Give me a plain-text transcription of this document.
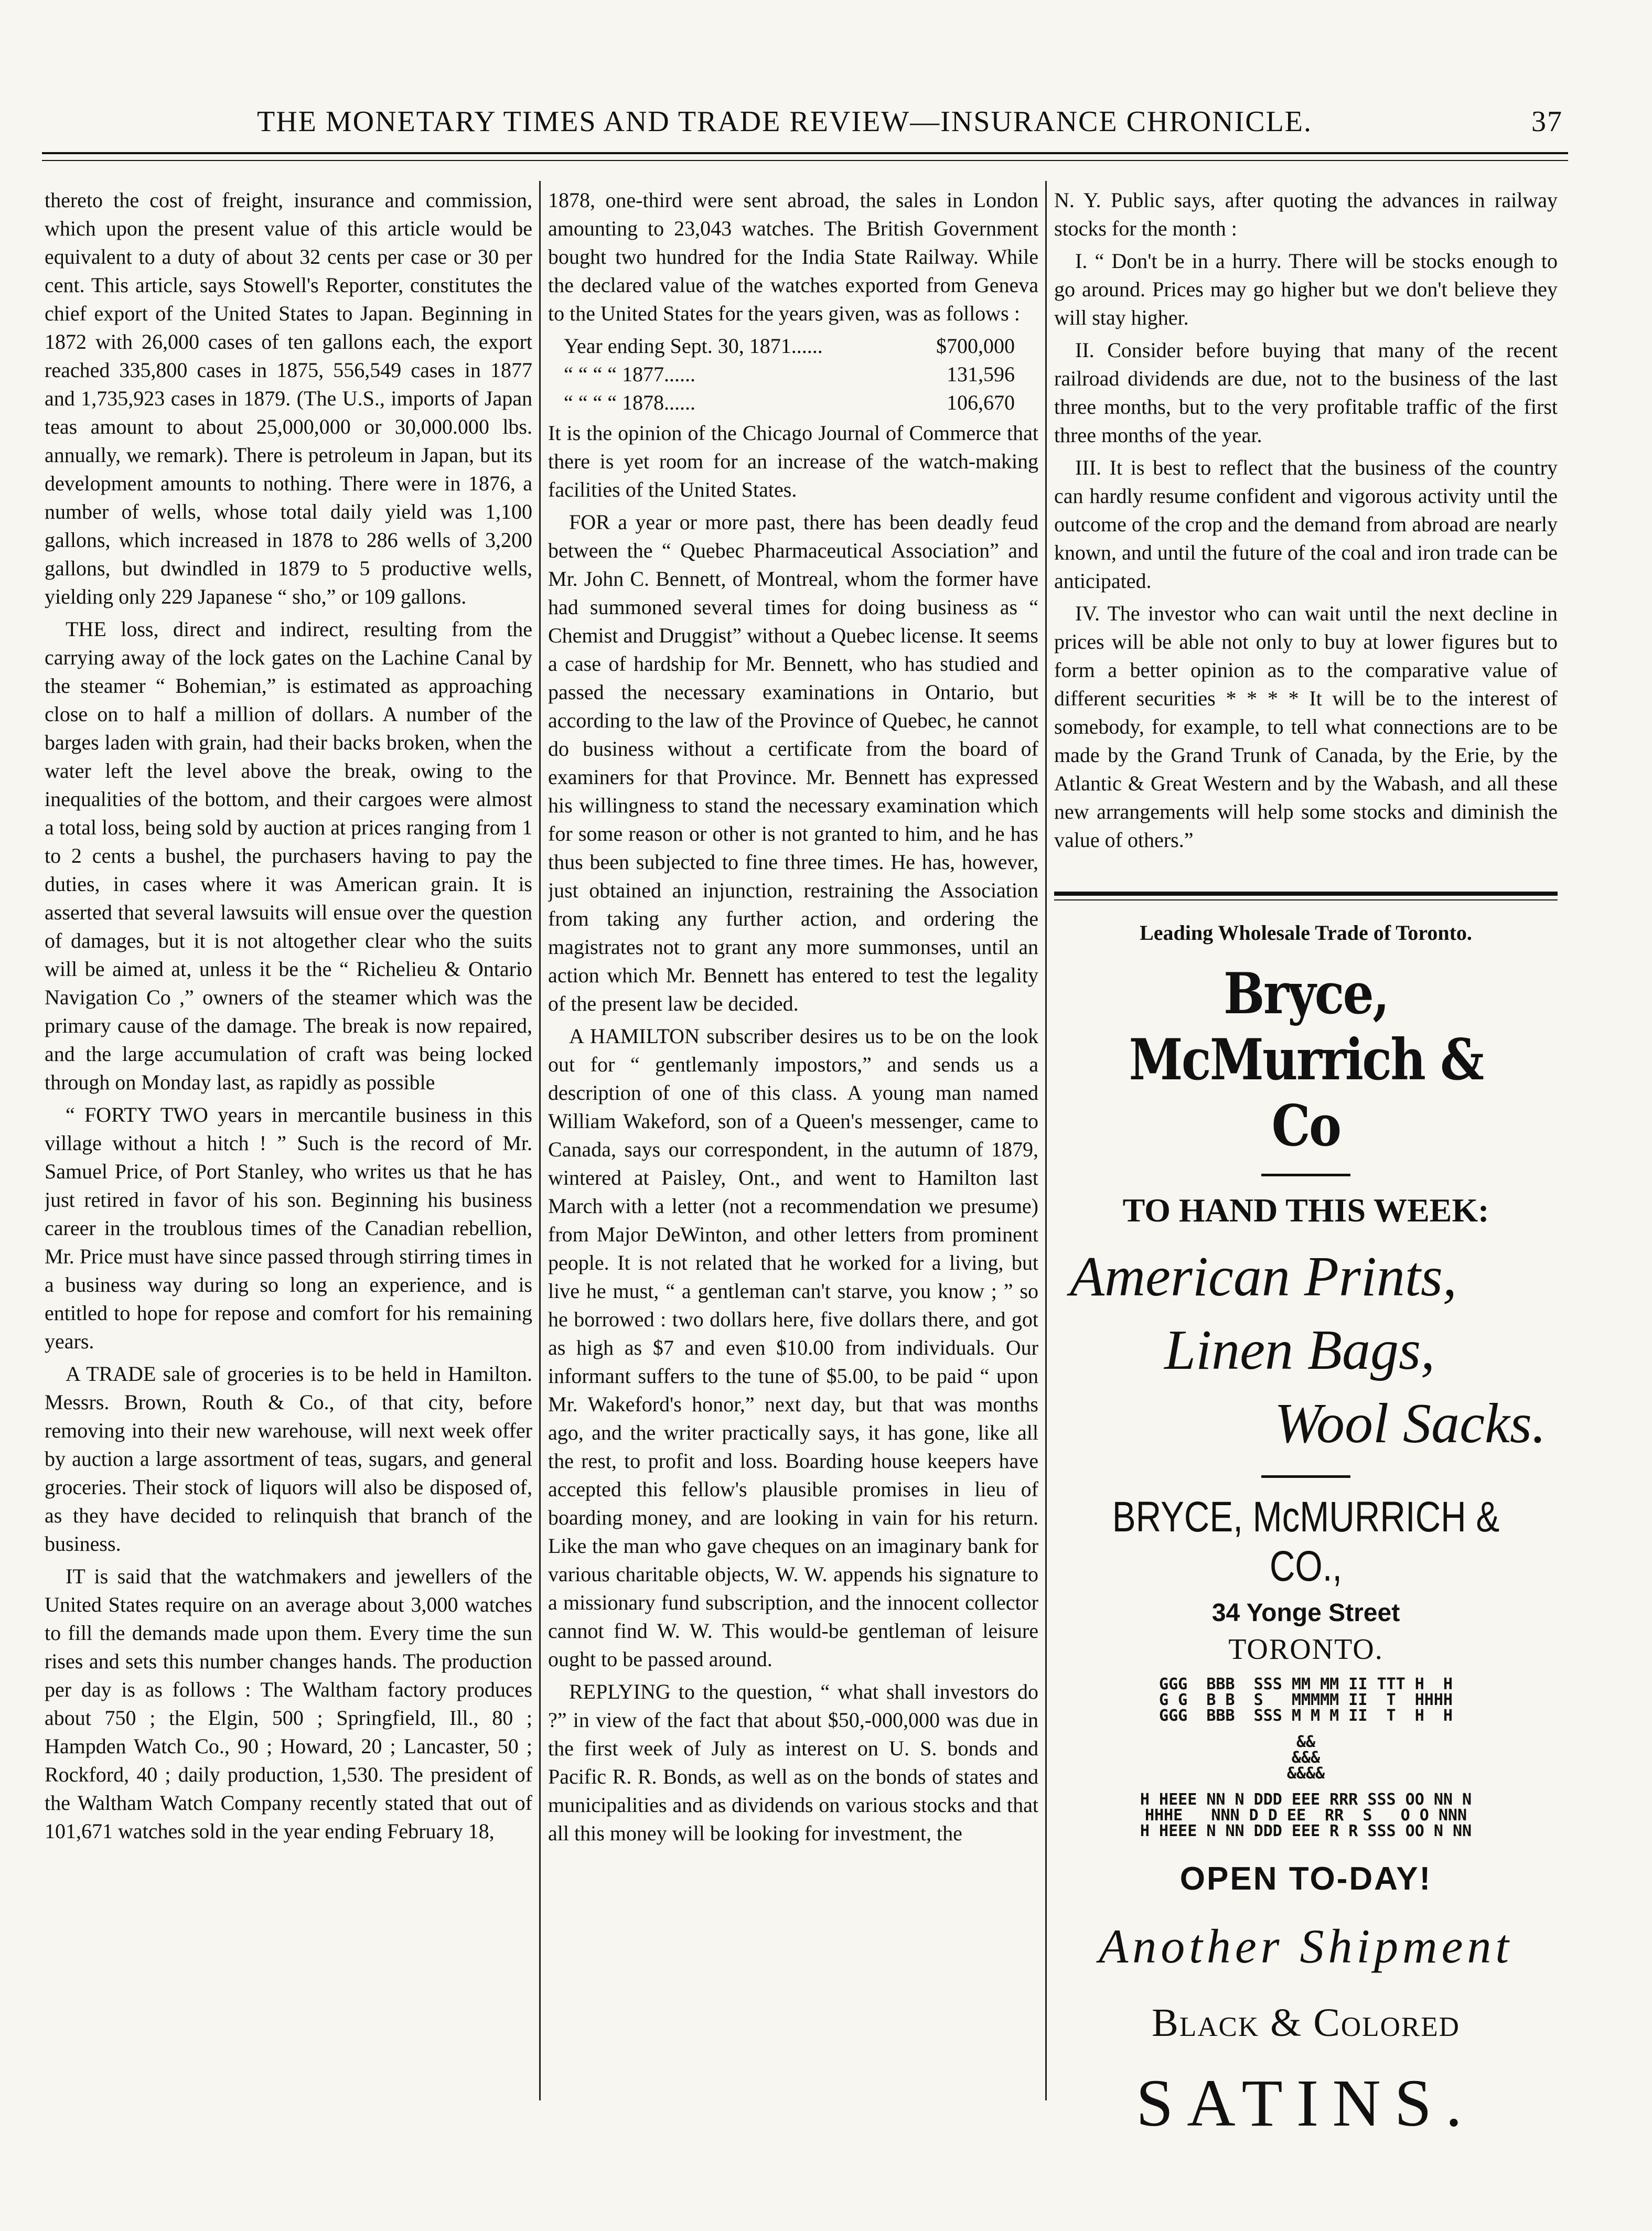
THE MONETARY TIMES AND TRADE REVIEW—INSURANCE CHRONICLE.	37

thereto the cost of freight, insurance and commission, which upon the present value of this article would be equivalent to a duty of about 32 cents per case or 30 per cent. This article, says Stowell's Reporter, constitutes the chief export of the United States to Japan. Beginning in 1872 with 26,000 cases of ten gallons each, the export reached 335,800 cases in 1875, 556,549 cases in 1877 and 1,735,923 cases in 1879. (The U.S., imports of Japan teas amount to about 25,000,000 or 30,000.000 lbs. annually, we remark). There is petroleum in Japan, but its development amounts to nothing. There were in 1876, a number of wells, whose total daily yield was 1,100 gallons, which increased in 1878 to 286 wells of 3,200 gallons, but dwindled in 1879 to 5 productive wells, yielding only 229 Japanese “ sho,” or 109 gallons.

THE loss, direct and indirect, resulting from the carrying away of the lock gates on the Lachine Canal by the steamer “ Bohemian,” is estimated as approaching close on to half a million of dollars. A number of the barges laden with grain, had their backs broken, when the water left the level above the break, owing to the inequalities of the bottom, and their cargoes were almost a total loss, being sold by auction at prices ranging from 1 to 2 cents a bushel, the purchasers having to pay the duties, in cases where it was American grain. It is asserted that several lawsuits will ensue over the question of damages, but it is not altogether clear who the suits will be aimed at, unless it be the “ Richelieu & Ontario Navigation Co ,” owners of the steamer which was the primary cause of the damage. The break is now repaired, and the large accumulation of craft was being locked through on Monday last, as rapidly as possible

“ FORTY TWO years in mercantile business in this village without a hitch ! ” Such is the record of Mr. Samuel Price, of Port Stanley, who writes us that he has just retired in favor of his son. Beginning his business career in the troublous times of the Canadian rebellion, Mr. Price must have since passed through stirring times in a business way during so long an experience, and is entitled to hope for repose and comfort for his remaining years.

A TRADE sale of groceries is to be held in Hamilton. Messrs. Brown, Routh & Co., of that city, before removing into their new warehouse, will next week offer by auction a large assortment of teas, sugars, and general groceries. Their stock of liquors will also be disposed of, as they have decided to relinquish that branch of the business.

IT is said that the watchmakers and jewellers of the United States require on an average about 3,000 watches to fill the demands made upon them. Every time the sun rises and sets this number changes hands. The production per day is as follows : The Waltham factory produces about 750 ; the Elgin, 500 ; Springfield, Ill., 80 ; Hampden Watch Co., 90 ; Howard, 20 ; Lancaster, 50 ; Rockford, 40 ; daily production, 1,530. The president of the Waltham Watch Company recently stated that out of 101,671 watches sold in the year ending February 18,

1878, one-third were sent abroad, the sales in London amounting to 23,043 watches. The British Government bought two hundred for the India State Railway. While the declared value of the watches exported from Geneva to the United States for the years given, was as follows :

Year ending Sept. 30, 1871......	$700,000
“ “ “ “ 1877......	131,596
“ “ “ “ 1878......	106,670

It is the opinion of the Chicago Journal of Commerce that there is yet room for an increase of the watch-making facilities of the United States.

FOR a year or more past, there has been deadly feud between the “ Quebec Pharmaceutical Association” and Mr. John C. Bennett, of Montreal, whom the former have had summoned several times for doing business as “ Chemist and Druggist” without a Quebec license. It seems a case of hardship for Mr. Bennett, who has studied and passed the necessary examinations in Ontario, but according to the law of the Province of Quebec, he cannot do business without a certificate from the board of examiners for that Province. Mr. Bennett has expressed his willingness to stand the necessary examination which for some reason or other is not granted to him, and he has thus been subjected to fine three times. He has, however, just obtained an injunction, restraining the Association from taking any further action, and ordering the magistrates not to grant any more summonses, until an action which Mr. Bennett has entered to test the legality of the present law be decided.

A HAMILTON subscriber desires us to be on the look out for “ gentlemanly impostors,” and sends us a description of one of this class. A young man named William Wakeford, son of a Queen's messenger, came to Canada, says our correspondent, in the autumn of 1879, wintered at Paisley, Ont., and went to Hamilton last March with a letter (not a recommendation we presume) from Major DeWinton, and other letters from prominent people. It is not related that he worked for a living, but live he must, “ a gentleman can't starve, you know ; ” so he borrowed : two dollars here, five dollars there, and got as high as $7 and even $10.00 from individuals. Our informant suffers to the tune of $5.00, to be paid “ upon Mr. Wakeford's honor,” next day, but that was months ago, and the writer practically says, it has gone, like all the rest, to profit and loss. Boarding house keepers have accepted this fellow's plausible promises in lieu of boarding money, and are looking in vain for his return. Like the man who gave cheques on an imaginary bank for various charitable objects, W. W. appends his signature to a missionary fund subscription, and the innocent collector cannot find W. W. This would-be gentleman of leisure ought to be passed around.

REPLYING to the question, “ what shall investors do ?” in view of the fact that about $50,-000,000 was due in the first week of July as interest on U. S. bonds and Pacific R. R. Bonds, as well as on the bonds of states and municipalities and as dividends on various stocks and that all this money will be looking for investment, the

N. Y. Public says, after quoting the advances in railway stocks for the month :

I. “ Don't be in a hurry. There will be stocks enough to go around. Prices may go higher but we don't believe they will stay higher.

II. Consider before buying that many of the recent railroad dividends are due, not to the business of the last three months, but to the very profitable traffic of the first three months of the year.

III. It is best to reflect that the business of the country can hardly resume confident and vigorous activity until the outcome of the crop and the demand from abroad are nearly known, and until the future of the coal and iron trade can be anticipated.

IV. The investor who can wait until the next decline in prices will be able not only to buy at lower figures but to form a better opinion as to the comparative value of different securities * * * * It will be to the interest of somebody, for example, to tell what connections are to be made by the Grand Trunk of Canada, by the Erie, by the Atlantic & Great Western and by the Wabash, and all these new arrangements will help some stocks and diminish the value of others.”

Leading Wholesale Trade of Toronto.
Bryce, McMurrich & Co
TO HAND THIS WEEK:
American Prints,
Linen Bags,
Wool Sacks.
BRYCE, McMURRICH & CO.,
34 Yonge Street
TORONTO.
GGG  BBB  SSS MM MM II TTT H  H
G G  B B  S   MMMMM II  T  HHHH
GGG  BBB  SSS M M M II  T  H  H
&&
&&&
&&&&
H HEEE NN N DDD EEE RRR SSS OO NN N
HHHE   NNN D D EE  RR  S   O O NNN
H HEEE N NN DDD EEE R R SSS OO N NN
OPEN TO-DAY!
Another Shipment
Black & Colored
SATINS.
